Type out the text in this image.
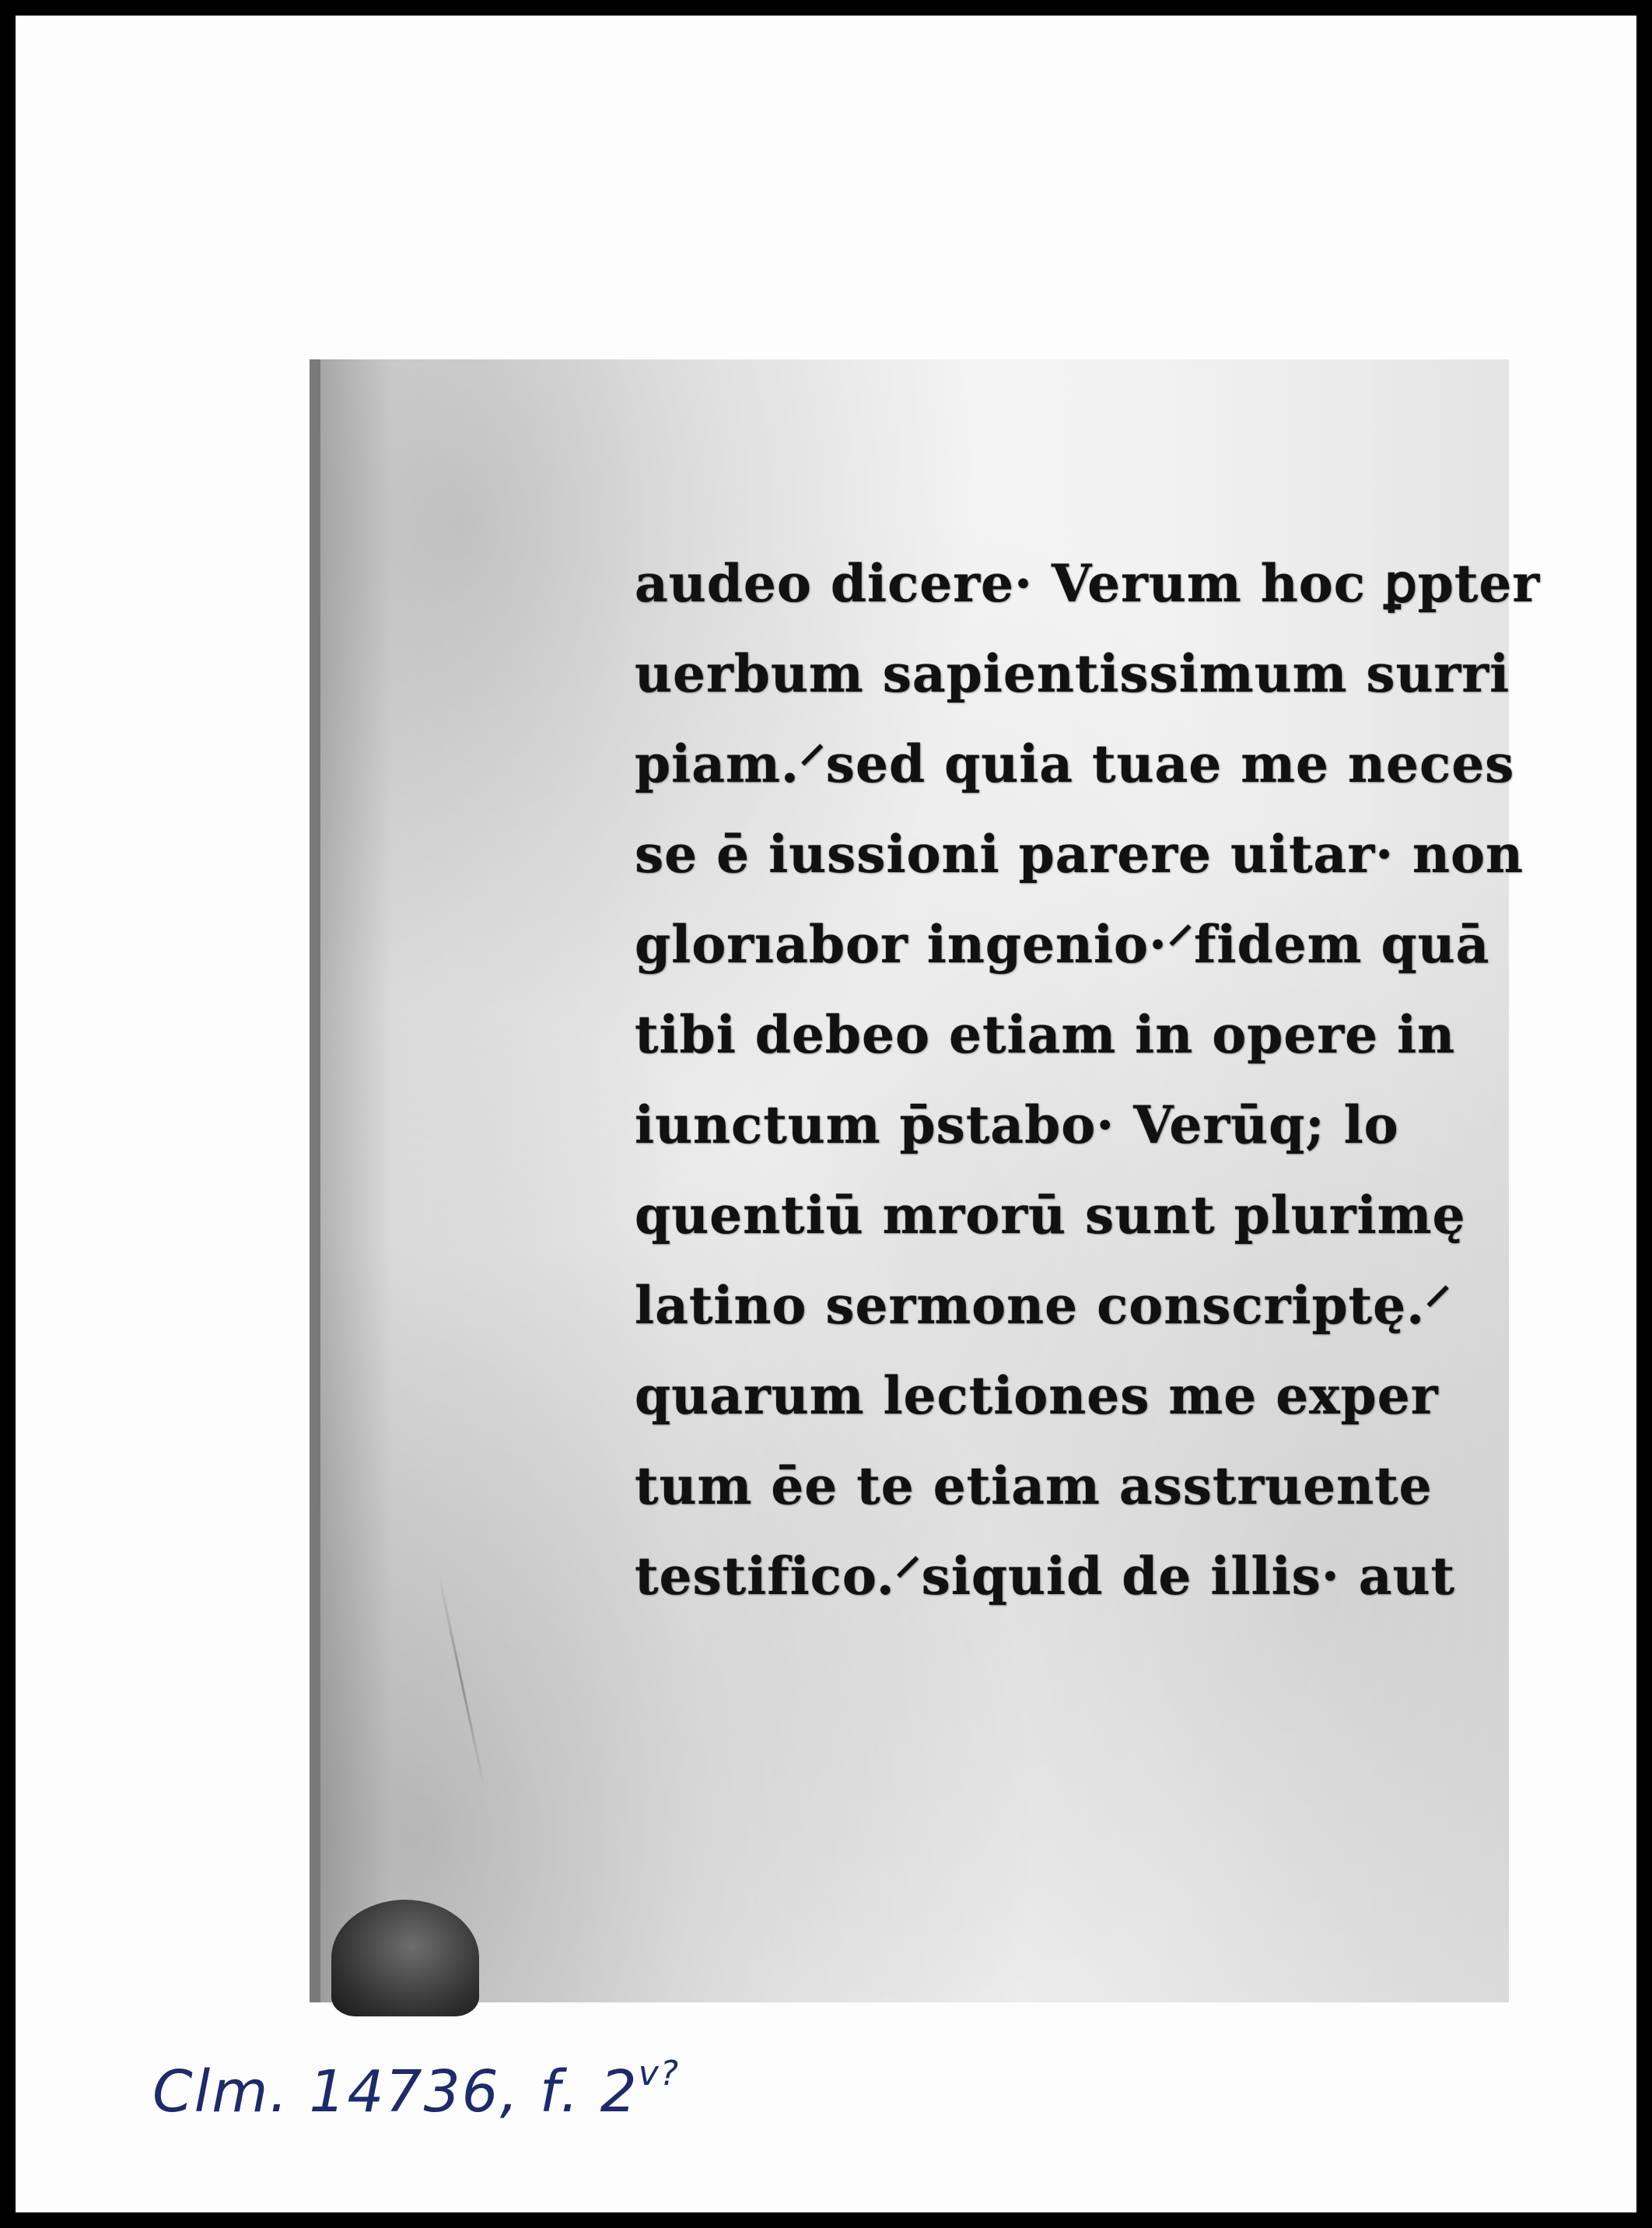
audeo dicere· Verum hoc ꝑpter
uerbum sapientissimum surri
piam.⸍sed quia tuae me neces
se ē iussioni parere uitar· non
glorıabor ingenio·⸍fidem quā
tibi debeo etiam in opere in
iunctum p̄stabo· Verūq; lo
quentiū mrorū sunt plurimę
latino sermone conscriptę.⸍
quarum lectiones me exper
tum ēe te etiam asstruente
testifico.⸍siquid de illis· aut
Clm. 14736, f. $2^{v?}$
